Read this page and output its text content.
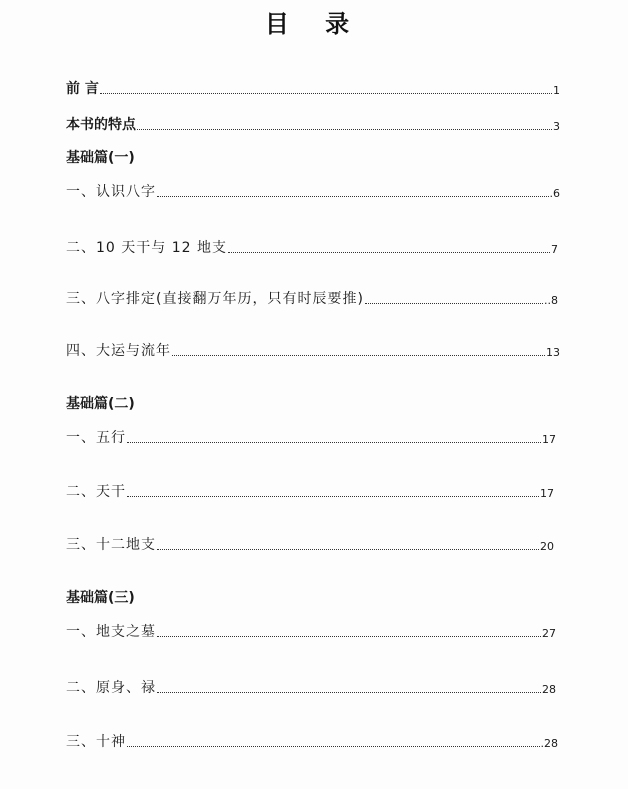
目 录
前 言	1
本书的特点	3
基础篇(一)
一、认识八字	.6
二、10 天干与 12 地支	7
三、八字排定(直接翻万年历，只有时辰要推)	..8
四、大运与流年	13
基础篇(二)
一、五行	17
二、天干	17
三、十二地支	20
基础篇(三)
一、地支之墓	27
二、原身、禄	28
三、十神	.28
